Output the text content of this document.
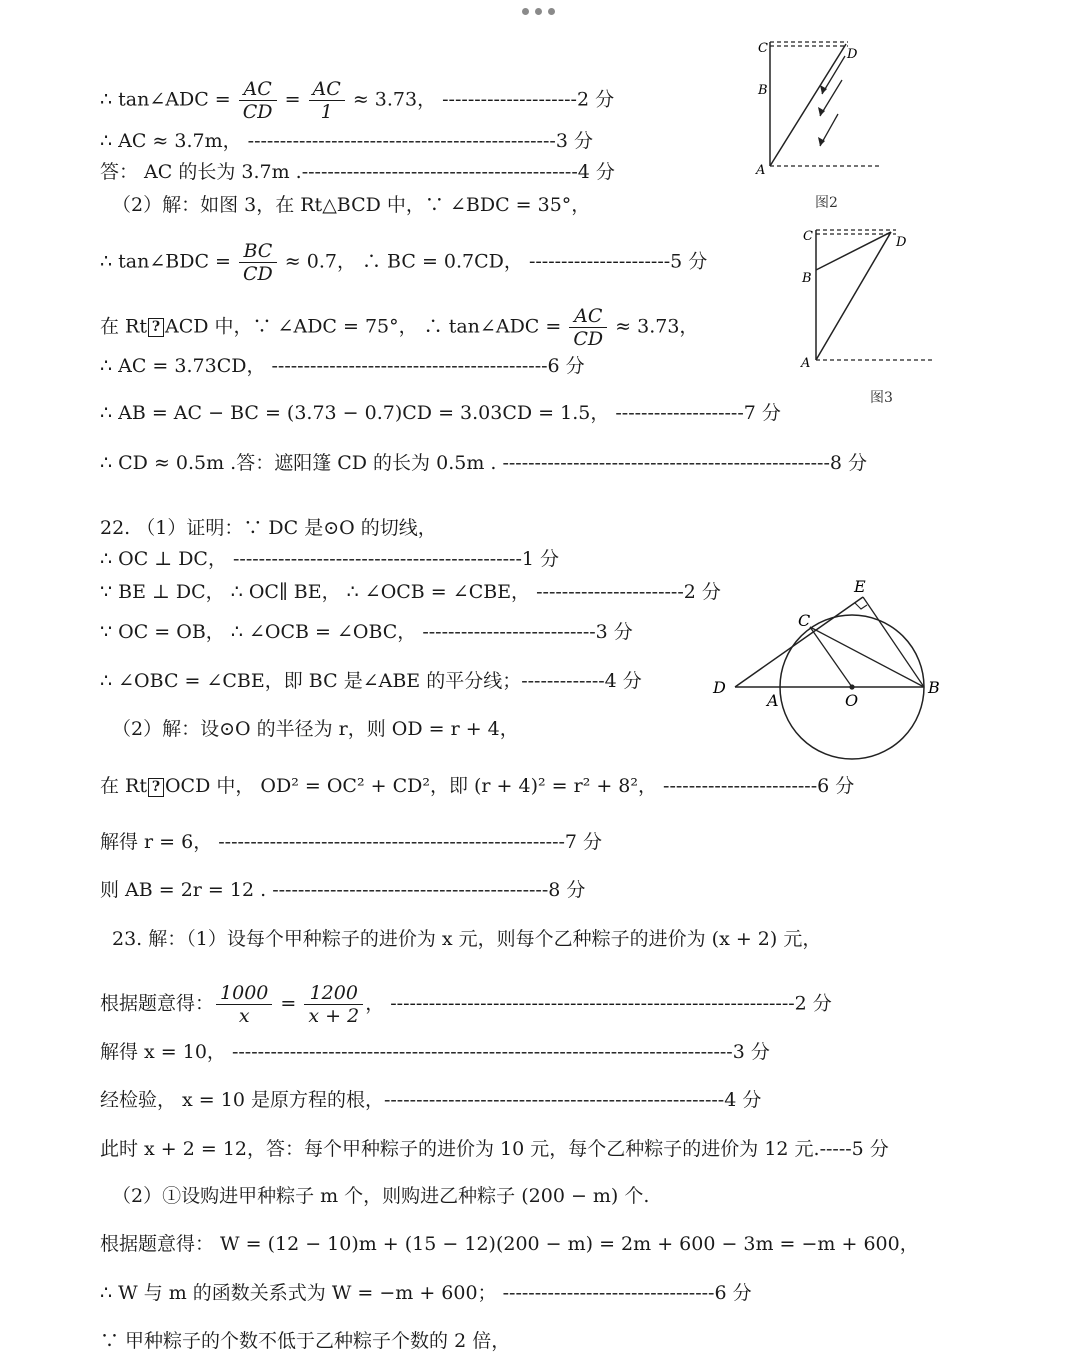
∴ tan∠ADC = $\frac{AC}{CD} = \frac{AC}{1} \approx 3.73$， ---------------------2 分
∴ AC ≈ 3.7m， ------------------------------------------------3 分
答： AC 的长为 3.7m .-------------------------------------------4 分
（2）解：如图 3，在 Rt△BCD 中，∵ ∠BDC = 35°，
∴ tan∠BDC = $\frac{BC}{CD} \approx 0.7$， ∴ BC = 0.7CD， ----------------------5 分
在 Rt ? ACD 中，∵ ∠ADC = 75°， ∴ tan∠ADC = $\frac{AC}{CD} \approx 3.73$，
∴ AC = 3.73CD， -------------------------------------------6 分
∴ AB = AC − BC = (3.73 − 0.7)CD = 3.03CD = 1.5， --------------------7 分
∴ CD ≈ 0.5m .答：遮阳篷 CD 的长为 0.5m . ---------------------------------------------------8 分
22. （1）证明：∵ DC 是⊙O 的切线，
∴ OC ⊥ DC， ---------------------------------------------1 分
∵ BE ⊥ DC， ∴ OC∥ BE， ∴ ∠OCB = ∠CBE， -----------------------2 分
∵ OC = OB， ∴ ∠OCB = ∠OBC， ---------------------------3 分
∴ ∠OBC = ∠CBE，即 BC 是∠ABE 的平分线；-------------4 分
（2）解：设⊙O 的半径为 r，则 OD = r + 4，
在 Rt ? OCD 中， OD² = OC² + CD²，即 (r + 4)² = r² + 8²， ------------------------6 分
解得 r = 6， ------------------------------------------------------7 分
则 AB = 2r = 12 . -------------------------------------------8 分
23. 解：（1）设每个甲种粽子的进价为 x 元，则每个乙种粽子的进价为 (x + 2) 元，
根据题意得： $\frac{1000}{x} = \frac{1200}{x + 2}$ ， ---------------------------------------------------------------2 分
解得 x = 10， ------------------------------------------------------------------------------3 分
经检验， x = 10 是原方程的根，-----------------------------------------------------4 分
此时 x + 2 = 12，答：每个甲种粽子的进价为 10 元，每个乙种粽子的进价为 12 元.-----5 分
（2）①设购进甲种粽子 m 个，则购进乙种粽子 (200 − m) 个.
根据题意得： W = (12 − 10)m + (15 − 12)(200 − m) = 2m + 600 − 3m = −m + 600，
∴ W 与 m 的函数关系式为 W = −m + 600； ---------------------------------6 分
∵ 甲种粽子的个数不低于乙种粽子个数的 2 倍，
C	D
B
A
图2
C	D
B
A
图3
E
C
D
A	O
B
